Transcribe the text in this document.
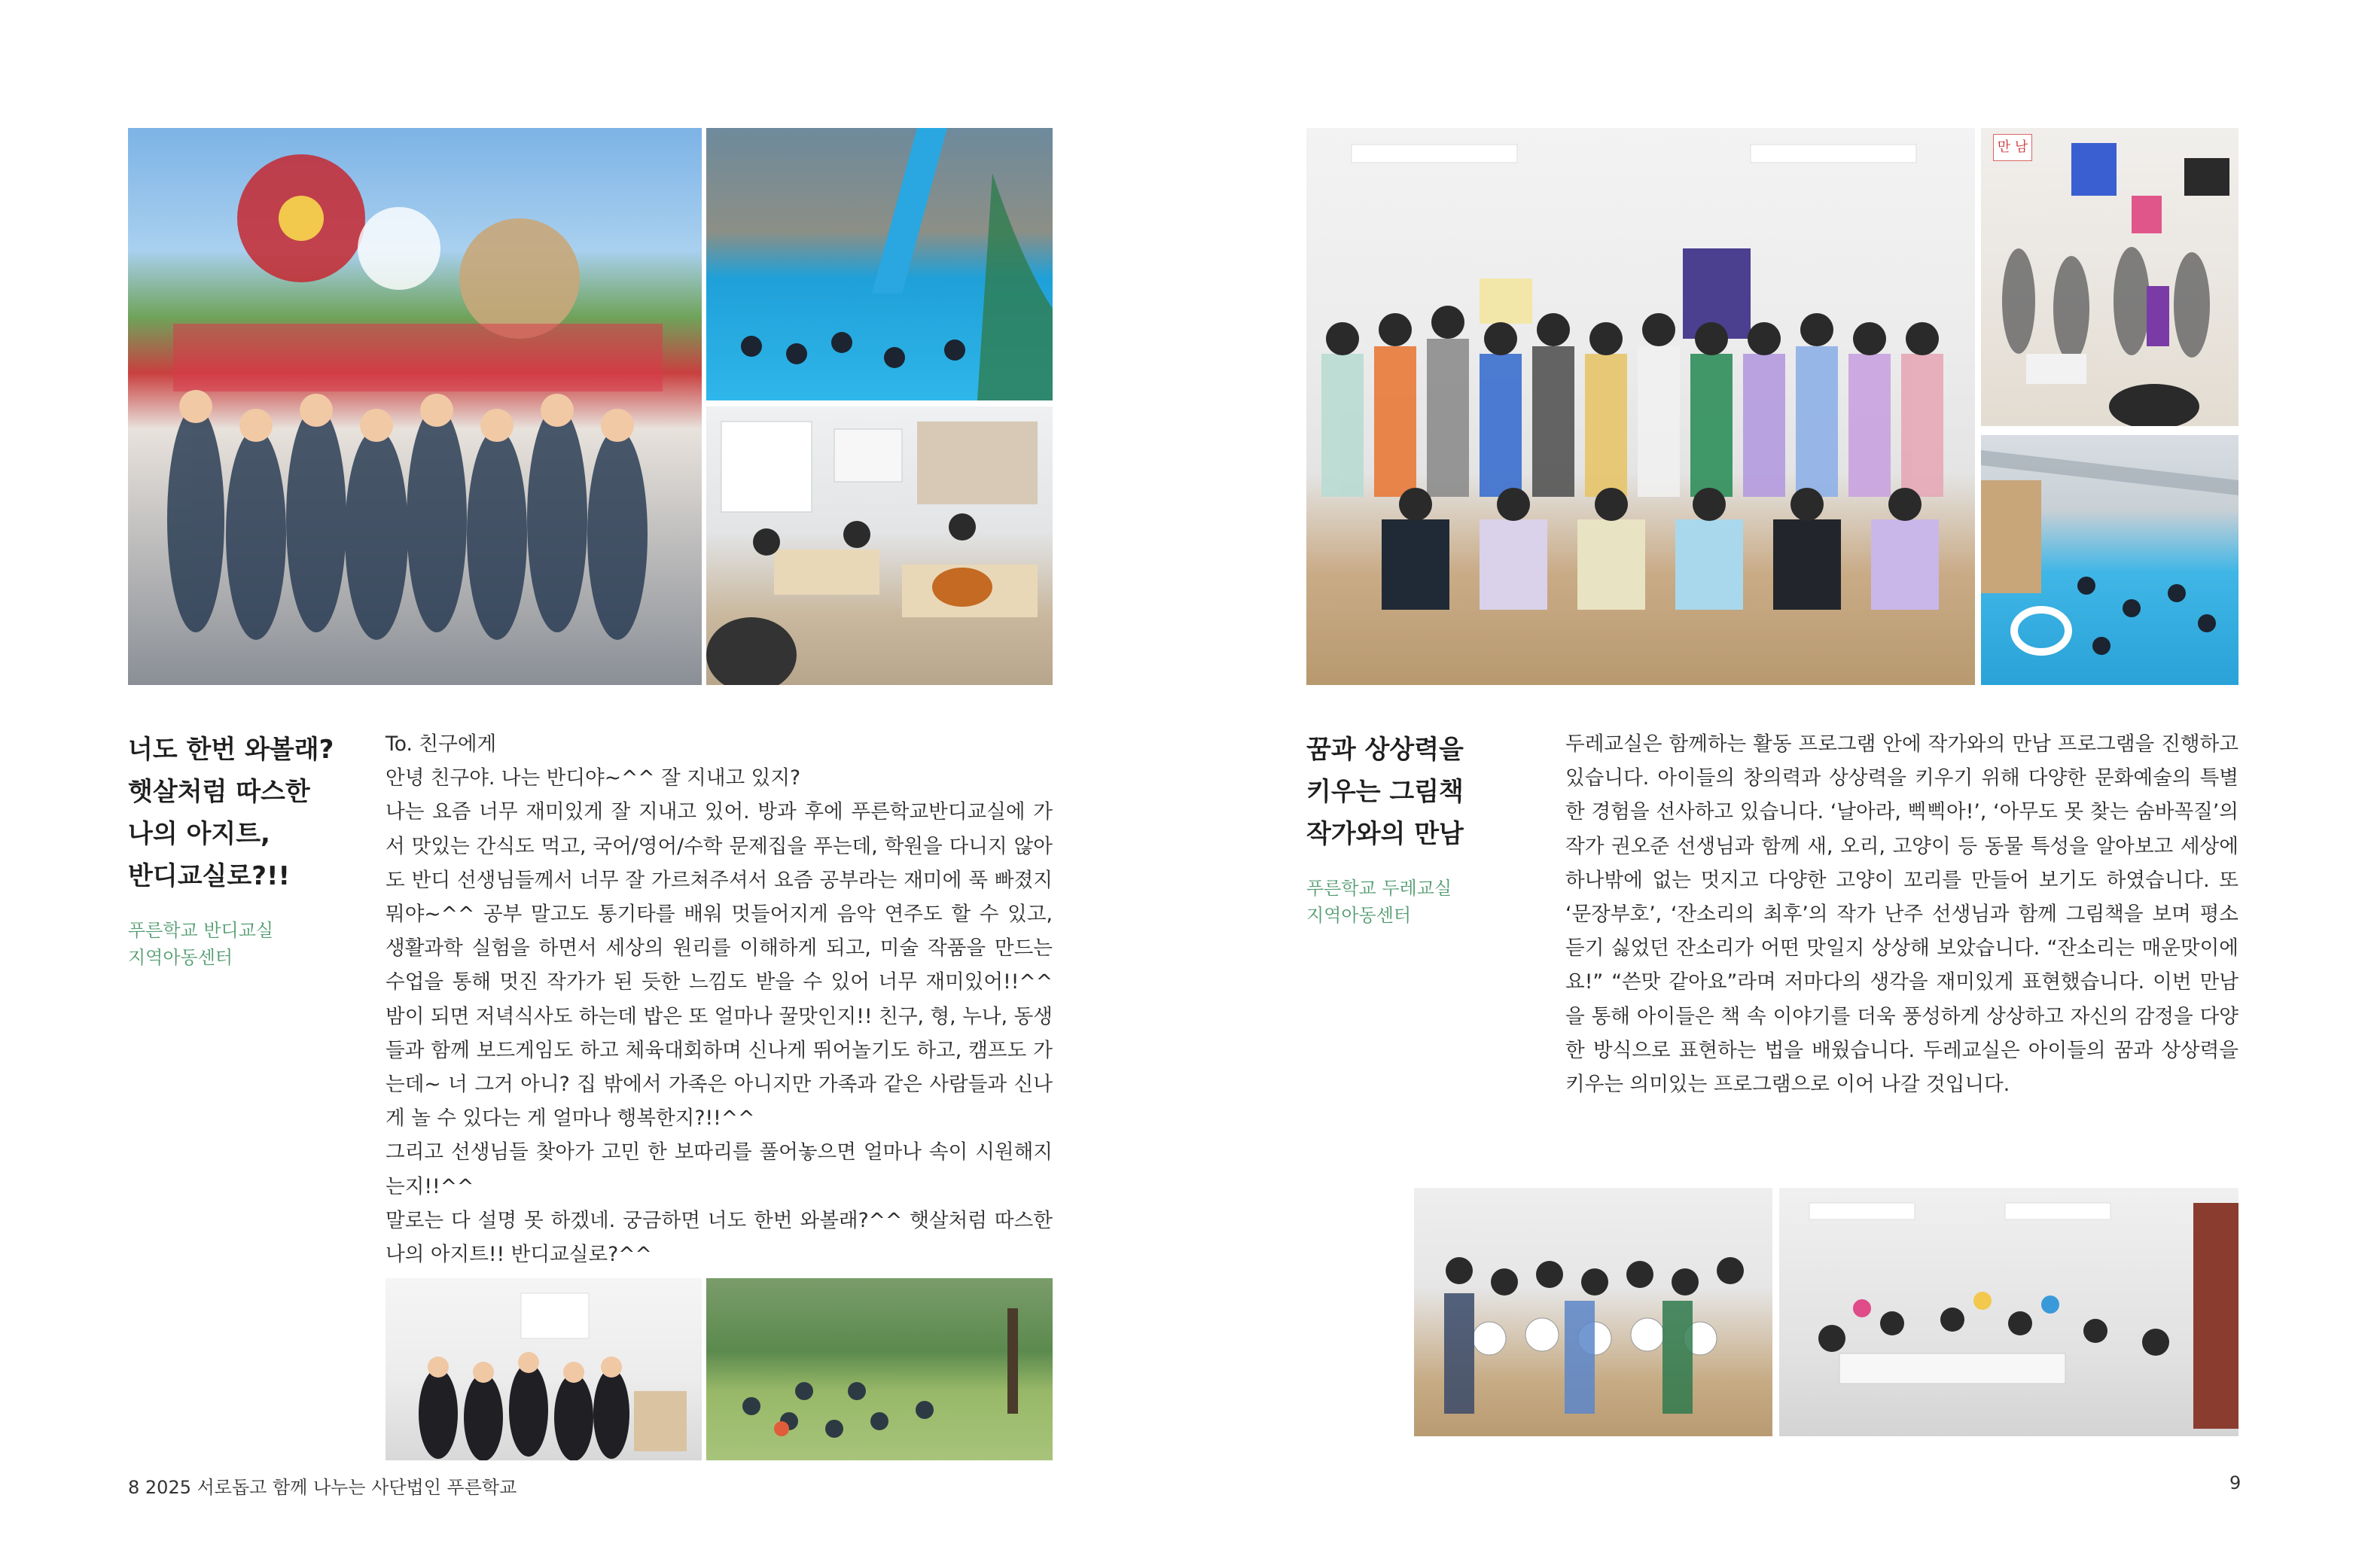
너도 한번 와볼래?
햇살처럼 따스한
나의 아지트,
반디교실로?!!
푸른학교 반디교실
지역아동센터

To. 친구에게

안녕 친구야. 나는 반디야~^^ 잘 지내고 있지?

나는 요즘 너무 재미있게 잘 지내고 있어. 방과 후에 푸른학교반디교실에 가서 맛있는 간식도 먹고, 국어/영어/수학 문제집을 푸는데, 학원을 다니지 않아도 반디 선생님들께서 너무 잘 가르쳐주셔서 요즘 공부라는 재미에 푹 빠졌지 뭐야~^^ 공부 말고도 통기타를 배워 멋들어지게 음악 연주도 할 수 있고, 생활과학 실험을 하면서 세상의 원리를 이해하게 되고, 미술 작품을 만드는 수업을 통해 멋진 작가가 된 듯한 느낌도 받을 수 있어 너무 재미있어!!^^ 밤이 되면 저녁식사도 하는데 밥은 또 얼마나 꿀맛인지!! 친구, 형, 누나, 동생들과 함께 보드게임도 하고 체육대회하며 신나게 뛰어놀기도 하고, 캠프도 가는데~ 너 그거 아니? 집 밖에서 가족은 아니지만 가족과 같은 사람들과 신나게 놀 수 있다는 게 얼마나 행복한지?!!^^

그리고 선생님들 찾아가 고민 한 보따리를 풀어놓으면 얼마나 속이 시원해지는지!!^^

말로는 다 설명 못 하겠네. 궁금하면 너도 한번 와볼래?^^ 햇살처럼 따스한 나의 아지트!! 반디교실로?^^

8 2025 서로돕고 함께 나누는 사단법인 푸른학교
만 남
꿈과 상상력을
키우는 그림책
작가와의 만남
푸른학교 두레교실
지역아동센터

두레교실은 함께하는 활동 프로그램 안에 작가와의 만남 프로그램을 진행하고 있습니다. 아이들의 창의력과 상상력을 키우기 위해 다양한 문화예술의 특별한 경험을 선사하고 있습니다. ‘날아라, 삑삑아!’, ‘아무도 못 찾는 숨바꼭질’의 작가 권오준 선생님과 함께 새, 오리, 고양이 등 동물 특성을 알아보고 세상에 하나밖에 없는 멋지고 다양한 고양이 꼬리를 만들어 보기도 하였습니다. 또 ‘문장부호’, ‘잔소리의 최후’의 작가 난주 선생님과 함께 그림책을 보며 평소 듣기 싫었던 잔소리가 어떤 맛일지 상상해 보았습니다. “잔소리는 매운맛이에요!” “쓴맛 같아요”라며 저마다의 생각을 재미있게 표현했습니다. 이번 만남을 통해 아이들은 책 속 이야기를 더욱 풍성하게 상상하고 자신의 감정을 다양한 방식으로 표현하는 법을 배웠습니다. 두레교실은 아이들의 꿈과 상상력을 키우는 의미있는 프로그램으로 이어 나갈 것입니다.

9
